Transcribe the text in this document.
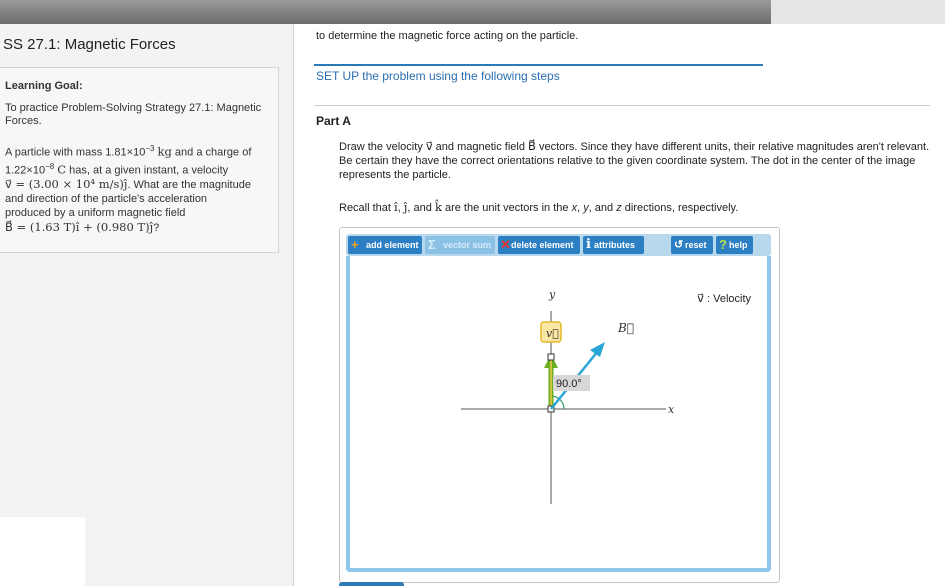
SS 27.1: Magnetic Forces
Learning Goal:
To practice Problem-Solving Strategy 27.1: Magnetic Forces.
A particle with mass $1.81\times 10^{-3}$ kg and a charge of
$1.22\times 10^{-8}$ C has, at a given instant, a velocity
v⃗ = (3.00 × 10⁴ m/s)ĵ. What are the magnitude
and direction of the particle's acceleration
produced by a uniform magnetic field
B⃗ = (1.63 T)î + (0.980 T)ĵ?
to determine the magnetic force acting on the particle.
SET UP the problem using the following steps
Part A
Draw the velocity v⃗ and magnetic field B⃗ vectors. Since they have different units, their relative magnitudes aren't relevant. Be certain they have the correct orientations relative to the given coordinate system. The dot in the center of the image represents the particle.
Recall that î, ĵ, and k̂ are the unit vectors in the x, y, and z directions, respectively.
+ add element Σ vector sum ✕ delete element i attributes	↺ reset ? help
v⃗ : Velocity
x
y
v⃗	B⃗
90.0°
